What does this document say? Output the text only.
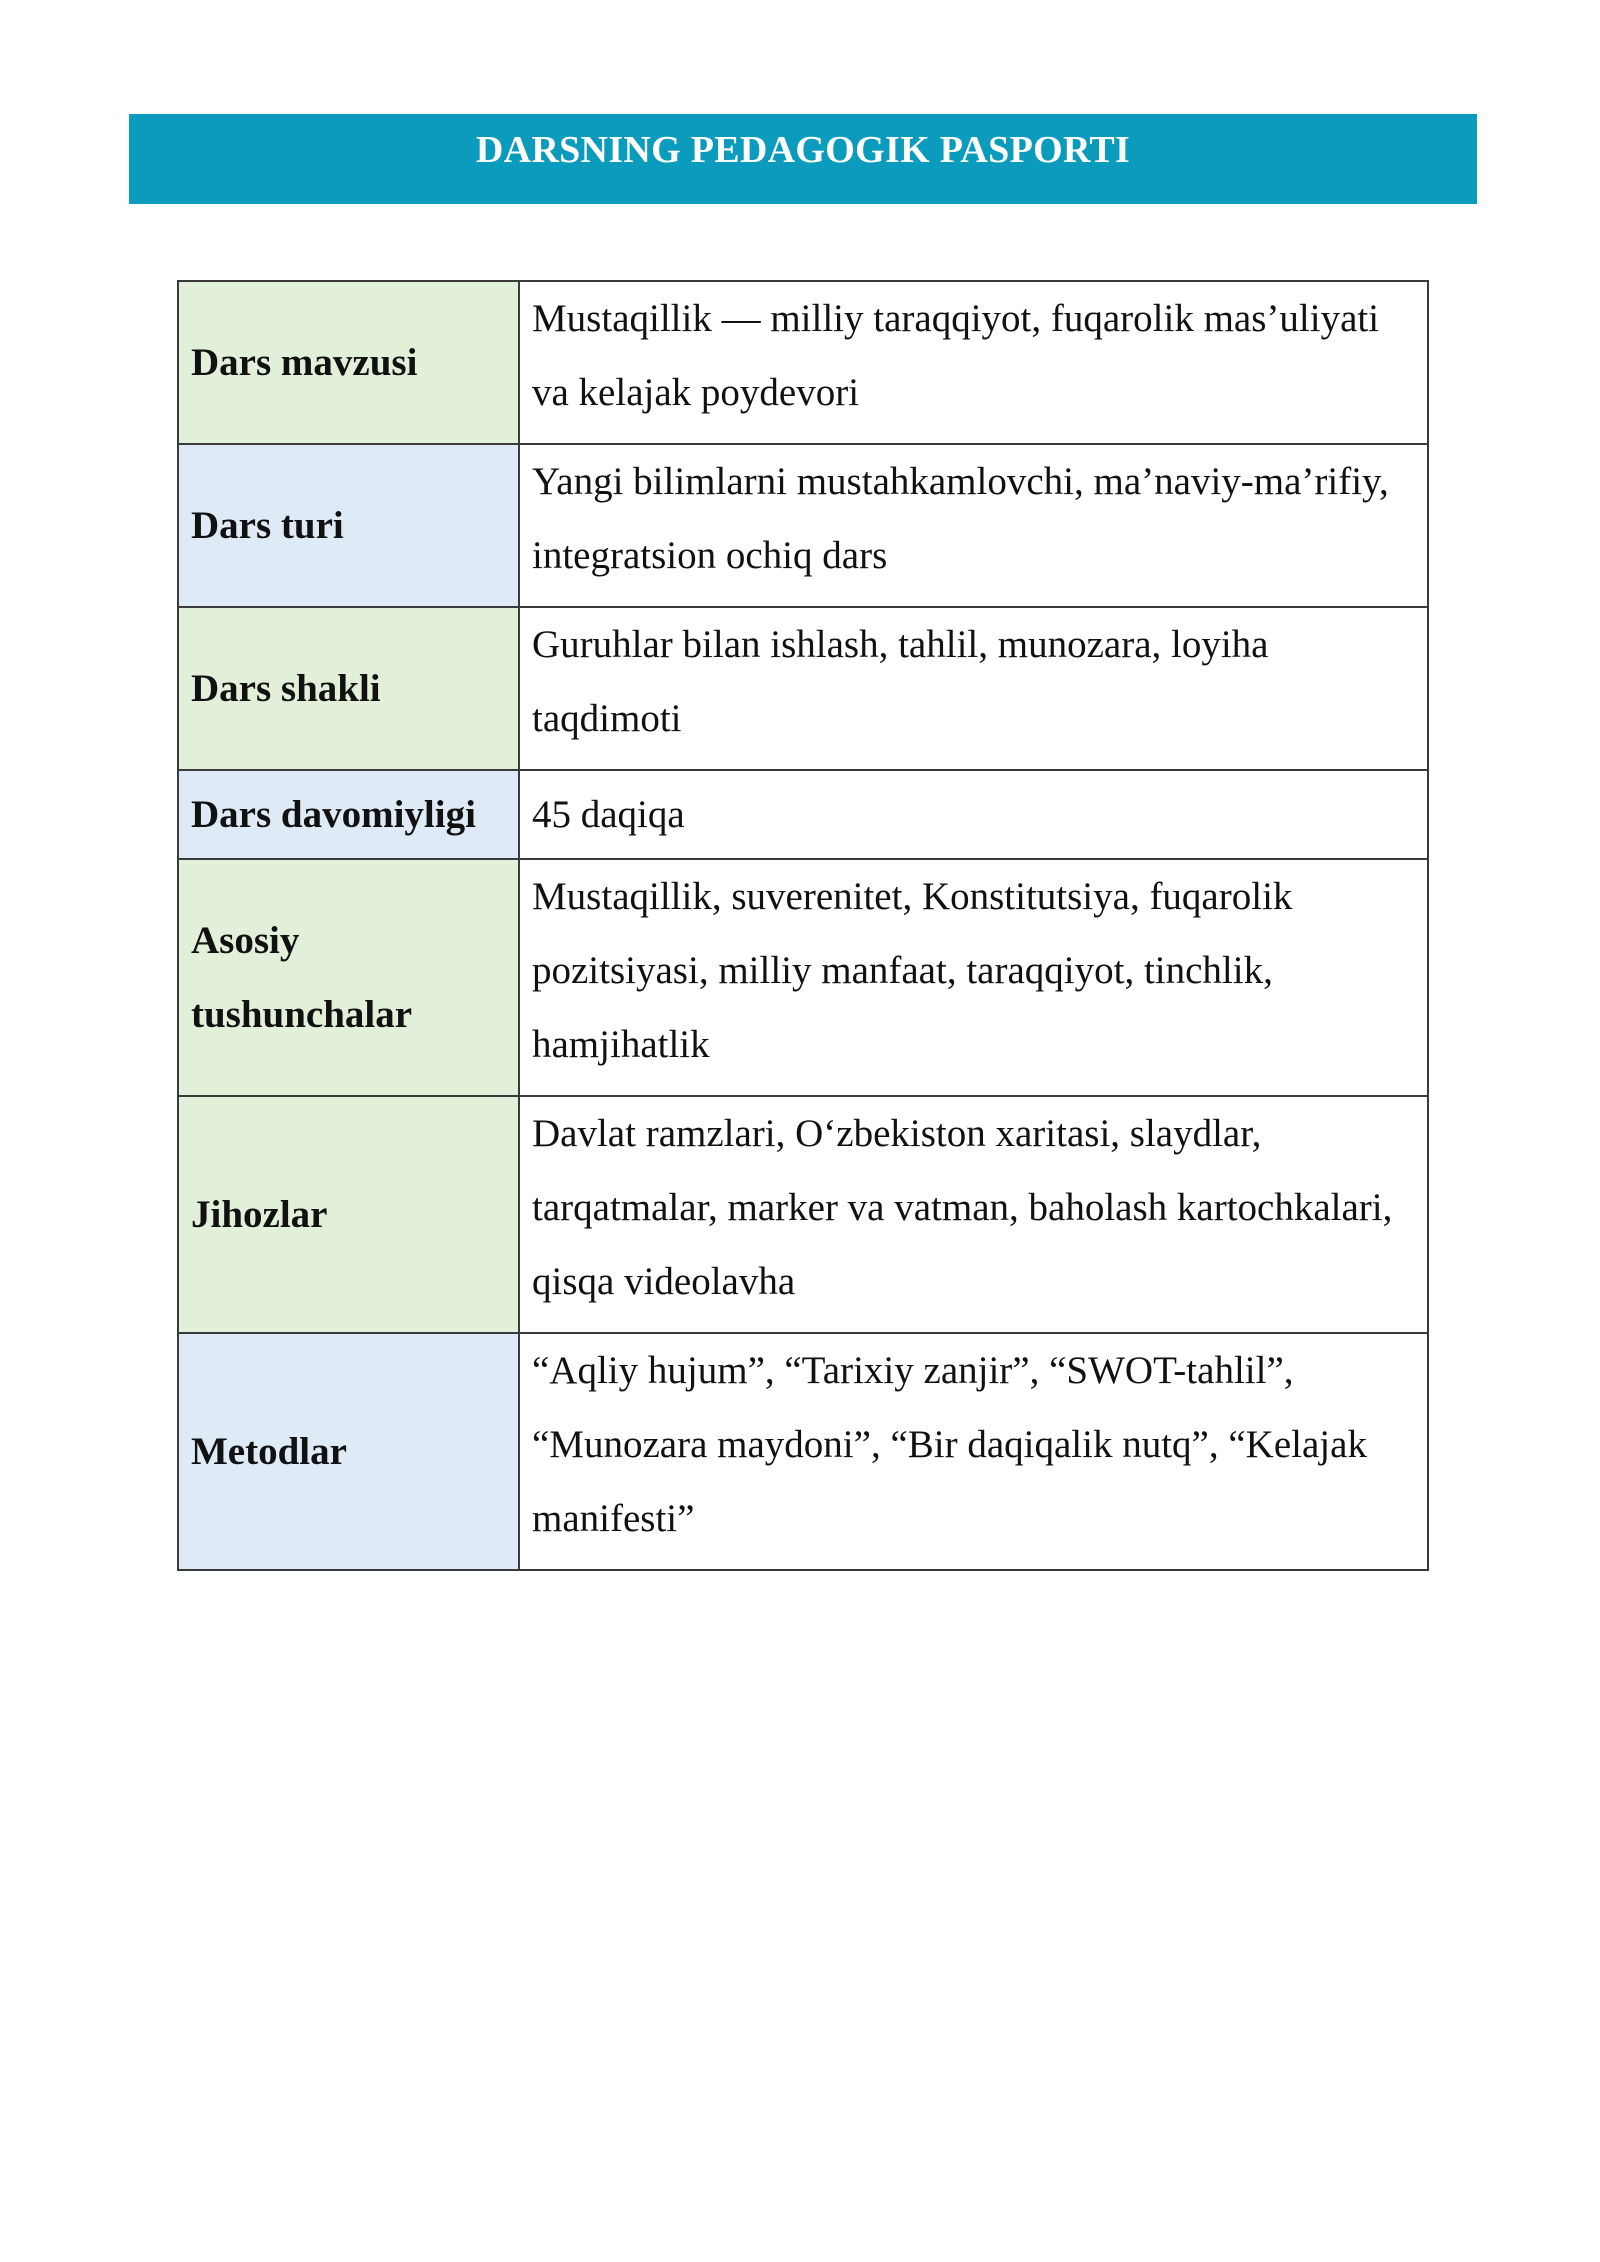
DARSNING PEDAGOGIK PASPORTI
Dars mavzusi	Mustaqillik — milliy taraqqiyot, fuqarolik mas’uliyati va kelajak poydevori
Dars turi	Yangi bilimlarni mustahkamlovchi, ma’naviy-ma’rifiy, integratsion ochiq dars
Dars shakli	Guruhlar bilan ishlash, tahlil, munozara, loyiha taqdimoti
Dars davomiyligi	45 daqiqa
Asosiy tushunchalar	Mustaqillik, suverenitet, Konstitutsiya, fuqarolik pozitsiyasi, milliy manfaat, taraqqiyot, tinchlik, hamjihatlik
Jihozlar	Davlat ramzlari, O‘zbekiston xaritasi, slaydlar, tarqatmalar, marker va vatman, baholash kartochkalari, qisqa videolavha
Metodlar	“Aqliy hujum”, “Tarixiy zanjir”, “SWOT-tahlil”, “Munozara maydoni”, “Bir daqiqalik nutq”, “Kelajak manifesti”
